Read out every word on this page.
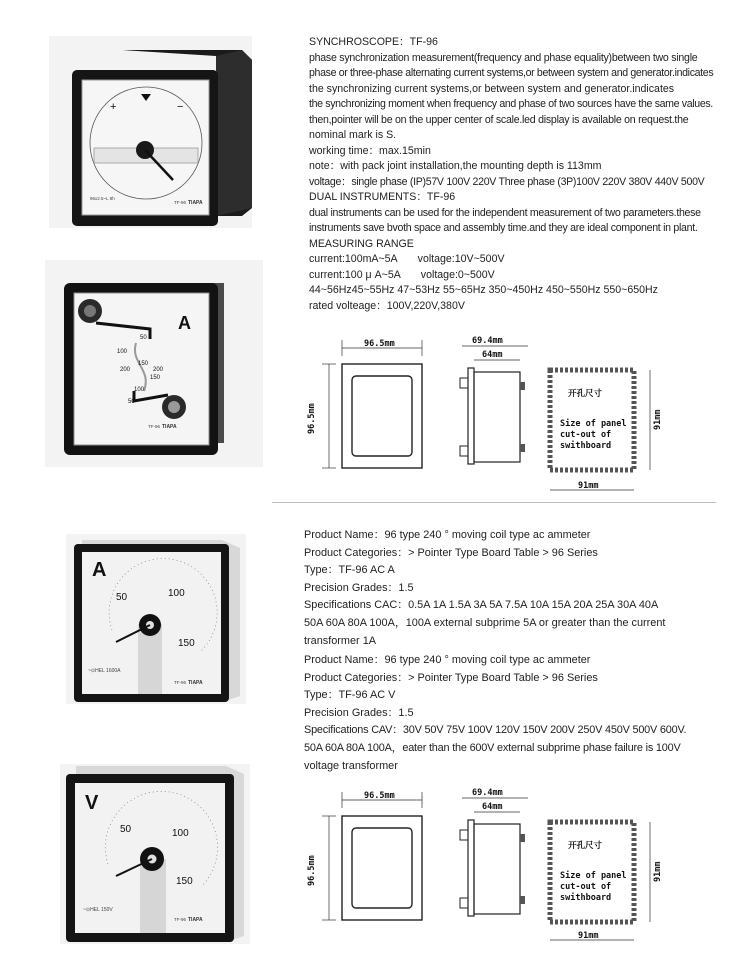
+	−
96x2.5~L 8h
TF-96 TIAPA
A
50
100
150
200	200
150
100
50
TF-96 TIAPA
A
50	100
150
~⊙HEL 1600A
TF-96 TIAPA
V
50	100
150
~⊙HEL 150V
TF-96 TIAPA
SYNCHROSCOPE：TF-96
phase synchronization measurement(frequency and phase equality)between two single
phase or three-phase alternating current systems,or between system and generator.indicates
the synchronizing current systems,or between system and generator.indicates
the synchronizing moment when frequency and phase of two sources have the same values.
then,pointer will be on the upper center of scale.led display is available on request.the
nominal mark is S.
working time：max.15min
note：with pack joint installation,the mounting depth is 113mm
voltage：single phase (IP)57V 100V 220V Three phase (3P)100V 220V 380V 440V 500V
DUAL INSTRUMENTS：TF-96
dual instruments can be used for the independent measurement of two parameters.these
instruments save bvoth space and assembly time.and they are ideal component in plant.
MEASURING RANGE
current:100mA~5A       voltage:10V~500V
current:100 μ A~5A       voltage:0~500V
44~56Hz45~55Hz 47~53Hz 55~65Hz 350~450Hz 450~550Hz 550~650Hz
rated volteage：100V,220V,380V
96.5mm
96.5mm
69.4mm
64mm
开孔尺寸
Size of panel
cut-out of
swithboard
91mm
91mm
Product Name：96 type 240 ° moving coil type ac ammeter
Product Categories：> Pointer Type Board Table > 96 Series
Type：TF-96 AC A
Precision Grades：1.5
Specifications CAC：0.5A 1A 1.5A 3A 5A 7.5A 10A 15A 20A 25A 30A 40A
50A 60A 80A 100A，100A external subprime 5A or greater than the current
transformer 1A
Product Name：96 type 240 ° moving coil type ac ammeter
Product Categories：> Pointer Type Board Table > 96 Series
Type：TF-96 AC V
Precision Grades：1.5
Specifications CAV：30V 50V 75V 100V 120V 150V 200V 250V 450V 500V 600V.
50A 60A 80A 100A，eater than the 600V external subprime phase failure is 100V
voltage transformer
96.5mm
96.5mm
69.4mm
64mm
开孔尺寸
Size of panel
cut-out of
swithboard
91mm
91mm
